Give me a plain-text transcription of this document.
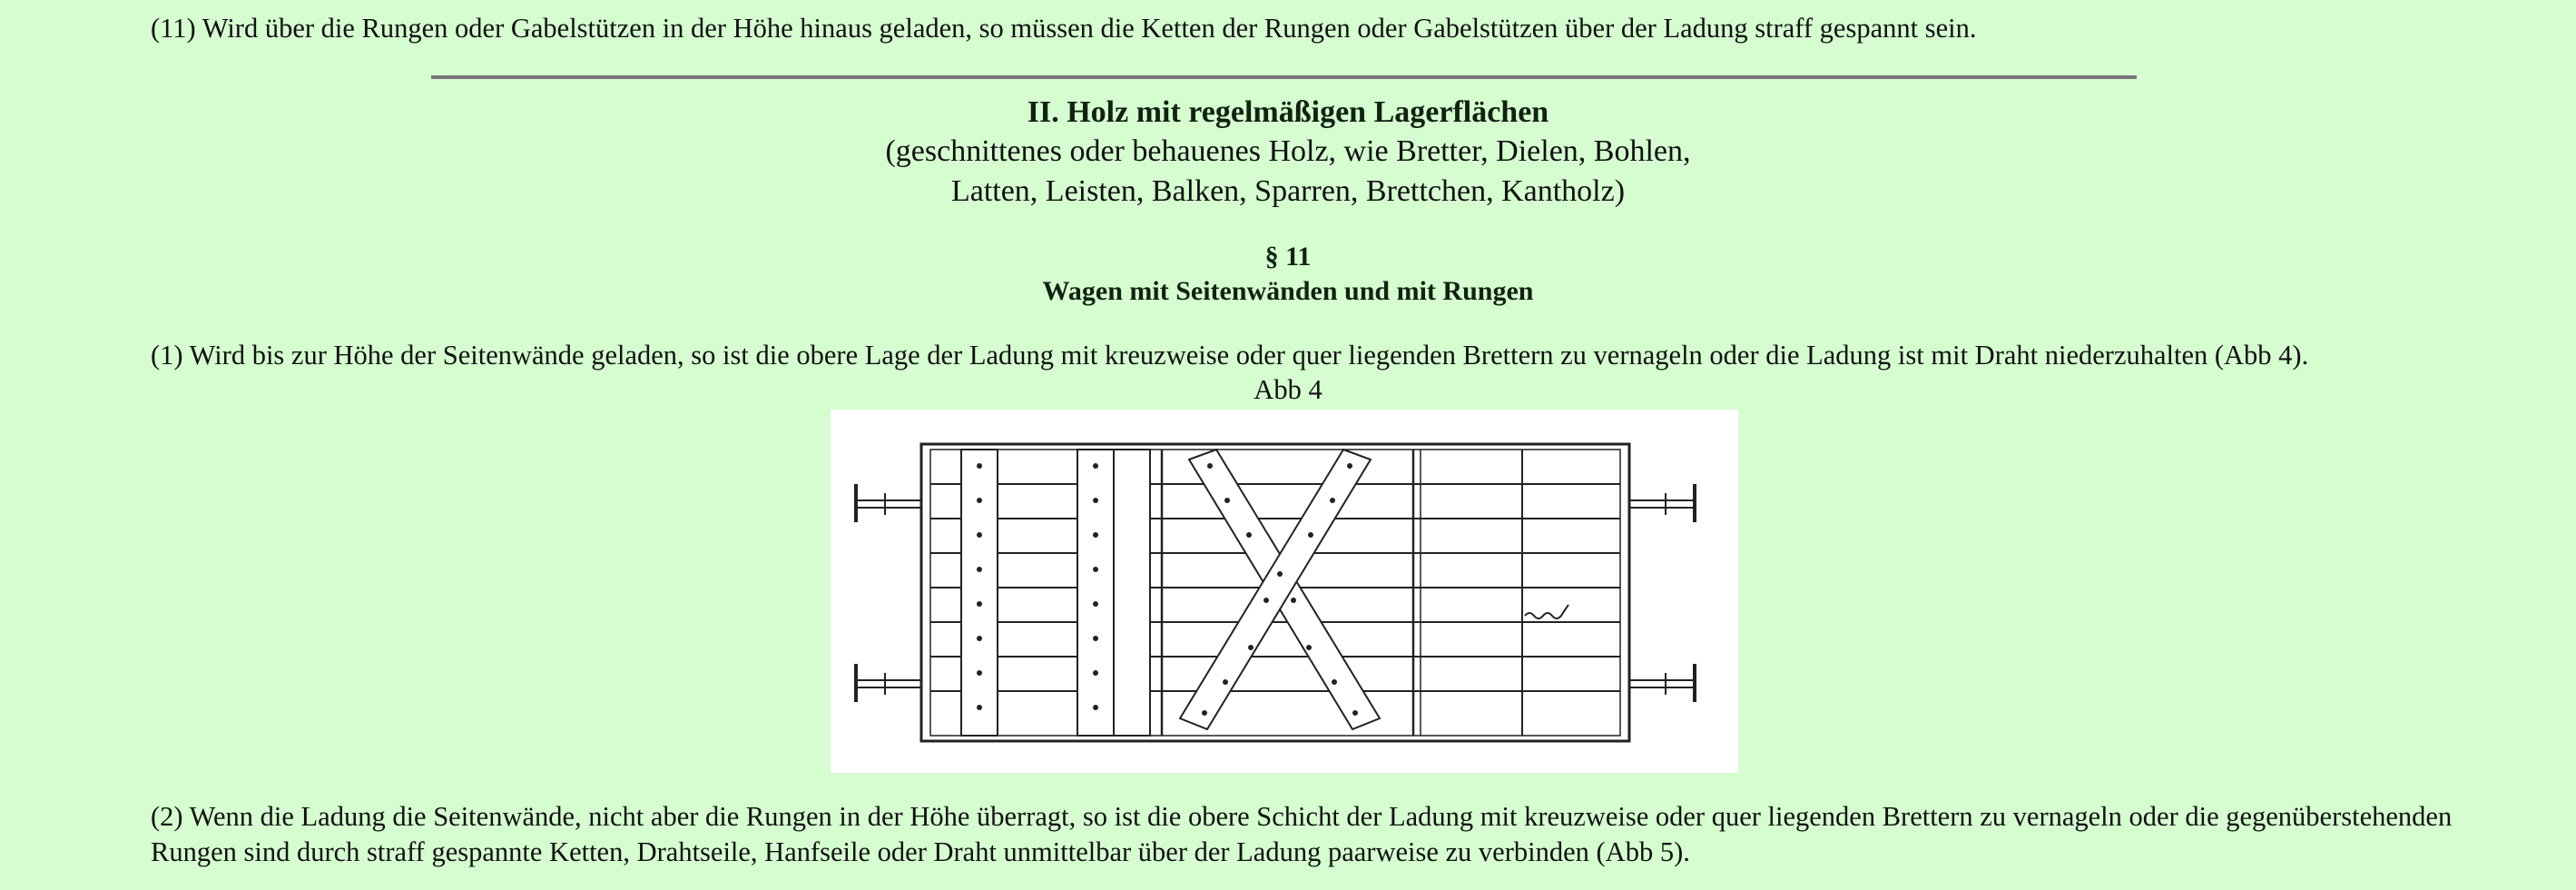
(11) Wird über die Rungen oder Gabelstützen in der Höhe hinaus geladen, so müssen die Ketten der Rungen oder Gabelstützen über der Ladung straff gespannt sein.

II. Holz mit regelmäßigen Lagerflächen

(geschnittenes oder behauenes Holz, wie Bretter, Dielen, Bohlen,

Latten, Leisten, Balken, Sparren, Brettchen, Kantholz)

§ 11

Wagen mit Seitenwänden und mit Rungen

(1) Wird bis zur Höhe der Seitenwände geladen, so ist die obere Lage der Ladung mit kreuzweise oder quer liegenden Brettern zu vernageln oder die Ladung ist mit Draht niederzuhalten (Abb 4).

Abb 4

(2) Wenn die Ladung die Seitenwände, nicht aber die Rungen in der Höhe überragt, so ist die obere Schicht der Ladung mit kreuzweise oder quer liegenden Brettern zu vernageln oder die gegenüberstehenden Rungen sind durch straff gespannte Ketten, Drahtseile, Hanfseile oder Draht unmittelbar über der Ladung paarweise zu verbinden (Abb 5).
